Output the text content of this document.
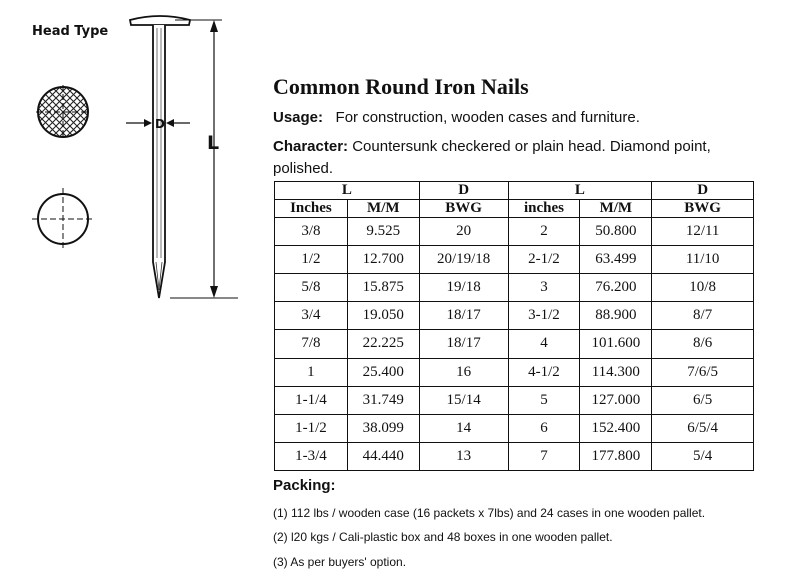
Head Type
D
L
Common Round Iron Nails
Usage: For construction, wooden cases and furniture.
Character: Countersunk checkered or plain head. Diamond point, polished.
L		D	L		D
Inches	M/M	BWG	inches	M/M	BWG
3/8	9.525	20	2	50.800	12/11
1/2	12.700	20/19/18	2-1/2	63.499	11/10
5/8	15.875	19/18	3	76.200	10/8
3/4	19.050	18/17	3-1/2	88.900	8/7
7/8	22.225	18/17	4	101.600	8/6
1	25.400	16	4-1/2	114.300	7/6/5
1-1/4	31.749	15/14	5	127.000	6/5
1-1/2	38.099	14	6	152.400	6/5/4
1-3/4	44.440	13	7	177.800	5/4
Packing:
(1) 112 lbs / wooden case (16 packets x 7lbs) and 24 cases in one wooden pallet.
(2) l20 kgs / Cali-plastic box and 48 boxes in one wooden pallet.
(3) As per buyers' option.
